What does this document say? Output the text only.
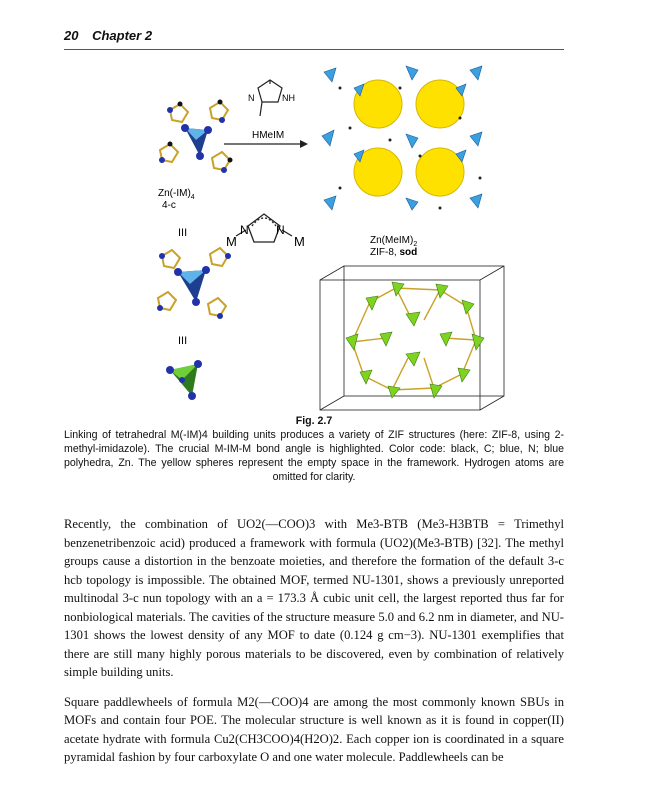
20 Chapter 2
$Zn(-IM)_4$
4-c
III
III
N	NH
HMeIM
M	M
N N
$Zn(MeIM)_2$
ZIF-8, sod
Fig. 2.7
Linking of tetrahedral M(-IM)4 building units produces a variety of ZIF structures (here: ZIF-8, using 2-methyl-imidazole). The crucial M-IM-M bond angle is highlighted. Color code: black, C; blue, N; blue polyhedra, Zn. The yellow spheres represent the empty space in the framework. Hydrogen atoms are omitted for clarity.

Recently, the combination of UO2(—COO)3 with Me3-BTB (Me3-H3BTB = Trimethyl benzenetribenzoic acid) produced a framework with formula (UO2)(Me3-BTB) [32]. The methyl groups cause a distortion in the benzoate moieties, and therefore the formation of the default 3-c hcb topology is impossible. The obtained MOF, termed NU-1301, shows a previously unreported multinodal 3-c nun topology with an a = 173.3 Å cubic unit cell, the largest reported thus far for nonbiological materials. The cavities of the structure measure 5.0 and 6.2 nm in diameter, and NU-1301 shows the lowest density of any MOF to date (0.124 g cm−3). NU-1301 exemplifies that there are still many highly porous materials to be discovered, even by combination of relatively simple building units.

Square paddlewheels of formula M2(—COO)4 are among the most commonly known SBUs in MOFs and contain four POE. The molecular structure is well known as it is found in copper(II) acetate hydrate with formula Cu2(CH3COO)4(H2O)2. Each copper ion is coordinated in a square pyramidal fashion by four carboxylate O and one water molecule. Paddlewheels can be
